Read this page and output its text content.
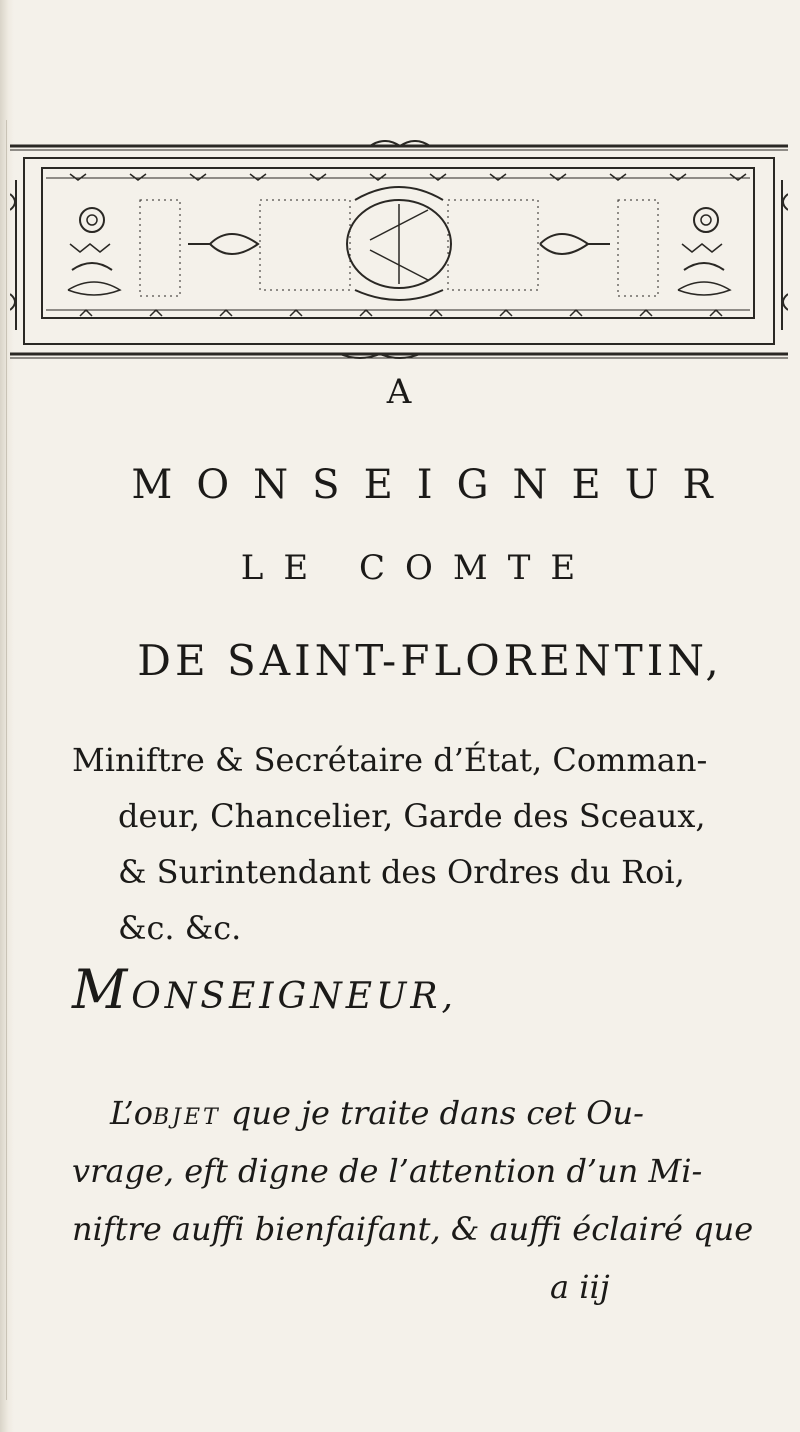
A
MONSEIGNEUR
LE COMTE
DE SAINT-FLORENTIN,
Miniftre & Secrétaire d’État, Comman-
deur, Chancelier, Garde des Sceaux,
& Surintendant des Ordres du Roi,
&c. &c.
MONSEIGNEUR,
L’objet que je traite dans cet Ou-
vrage, eft digne de l’attention d’un Mi-
niftre auffi bienfaifant, & auffi éclairé que
a iij
